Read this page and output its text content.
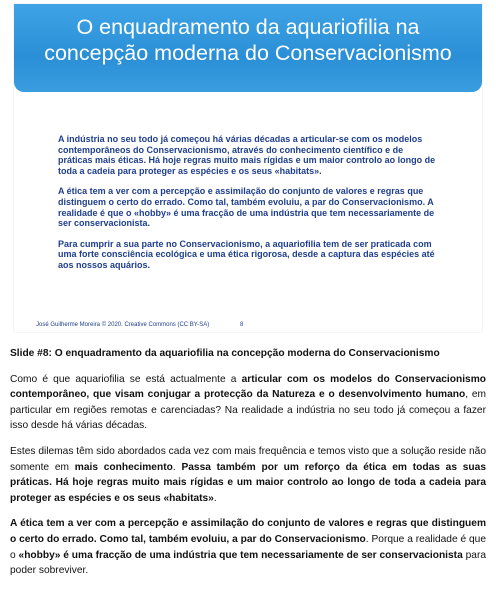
O enquadramento da aquariofilia na
concepção moderna do Conservacionismo

A indústria no seu todo já começou há várias décadas a articular-se com os modelos contemporâneos do Conservacionismo, através do conhecimento científico e de práticas mais éticas. Há hoje regras muito mais rígidas e um maior controlo ao longo de toda a cadeia para proteger as espécies e os seus «habitats».

A ética tem a ver com a percepção e assimilação do conjunto de valores e regras que distinguem o certo do errado. Como tal, também evoluiu, a par do Conservacionismo. A realidade é que o «hobby» é uma fracção de uma indústria que tem necessariamente de ser conservacionista.

Para cumprir a sua parte no Conservacionismo, a aquariofilia tem de ser praticada com uma forte consciência ecológica e uma ética rigorosa, desde a captura das espécies até aos nossos aquários.

José Guilherme Moreira © 2020. Creative Commons (CC BY-SA)	8
Slide #8: O enquadramento da aquariofilia na concepção moderna do Conservacionismo

Como é que aquariofilia se está actualmente a articular com os modelos do Conservacionismo contemporâneo, que visam conjugar a protecção da Natureza e o desenvolvimento humano, em particular em regiões remotas e carenciadas? Na realidade a indústria no seu todo já começou a fazer isso desde há várias décadas.

Estes dilemas têm sido abordados cada vez com mais frequência e temos visto que a solução reside não somente em mais conhecimento. Passa também por um reforço da ética em todas as suas práticas. Há hoje regras muito mais rígidas e um maior controlo ao longo de toda a cadeia para proteger as espécies e os seus «habitats».

A ética tem a ver com a percepção e assimilação do conjunto de valores e regras que distinguem o certo do errado. Como tal, também evoluiu, a par do Conservacionismo. Porque a realidade é que o «hobby» é uma fracção de uma indústria que tem necessariamente de ser conservacionista para poder sobreviver.
